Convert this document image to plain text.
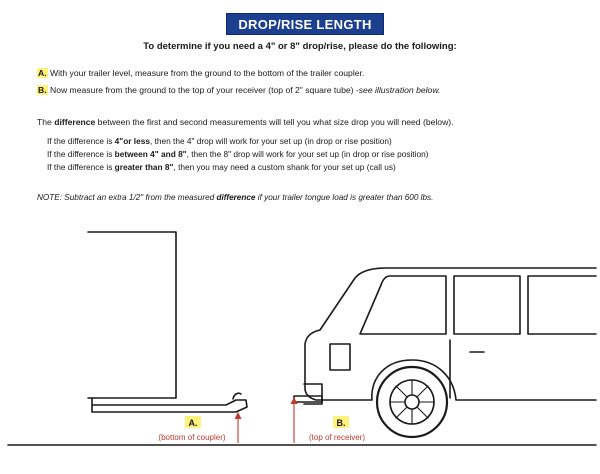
DROP/RISE LENGTH
To determine if you need a 4" or 8" drop/rise, please do the following:
A. With your trailer level, measure from the ground to the bottom of the trailer coupler.
B. Now measure from the ground to the top of your receiver (top of 2" square tube) -see illustration below.
The difference between the first and second measurements will tell you what size drop you will need (below).
If the difference is 4"or less, then the 4" drop will work for your set up (in drop or rise position)
If the difference is between 4" and 8", then the 8" drop will work for your set up (in drop or rise position)
If the difference is greater than 8", then you may need a custom shank for your set up (call us)
NOTE: Subtract an extra 1/2" from the measured difference if your trailer tongue load is greater than 600 lbs.
A.
(bottom of coupler)
B.
(top of receiver)
